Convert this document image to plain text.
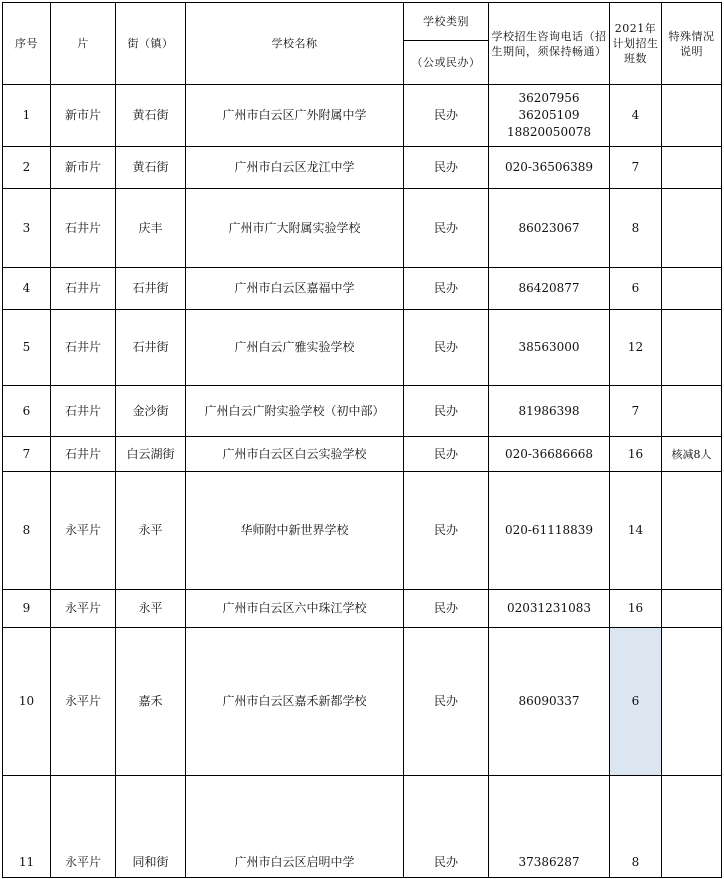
序号	片	街（镇）	学校名称	学校类别	学校招生咨询电话（招生期间，须保持畅通）	2021年计划招生班数	特殊情况说明
				（公或民办）			
1	新市片	黄石街	广州市白云区广外附属中学	民办	36207956
36205109
18820050078	4	
2	新市片	黄石街	广州市白云区龙江中学	民办	020-36506389	7	
3	石井片	庆丰	广州市广大附属实验学校	民办	86023067	8	
4	石井片	石井街	广州市白云区嘉福中学	民办	86420877	6	
5	石井片	石井街	广州白云广雅实验学校	民办	38563000	12	
6	石井片	金沙街	广州白云广附实验学校（初中部）	民办	81986398	7	
7	石井片	白云湖街	广州市白云区白云实验学校	民办	020-36686668	16	核减8人
8	永平片	永平	华师附中新世界学校	民办	020-61118839	14	
9	永平片	永平	广州市白云区六中珠江学校	民办	02031231083	16	
10	永平片	嘉禾	广州市白云区嘉禾新都学校	民办	86090337	6	
11	永平片	同和街	广州市白云区启明中学	民办	37386287	8	
